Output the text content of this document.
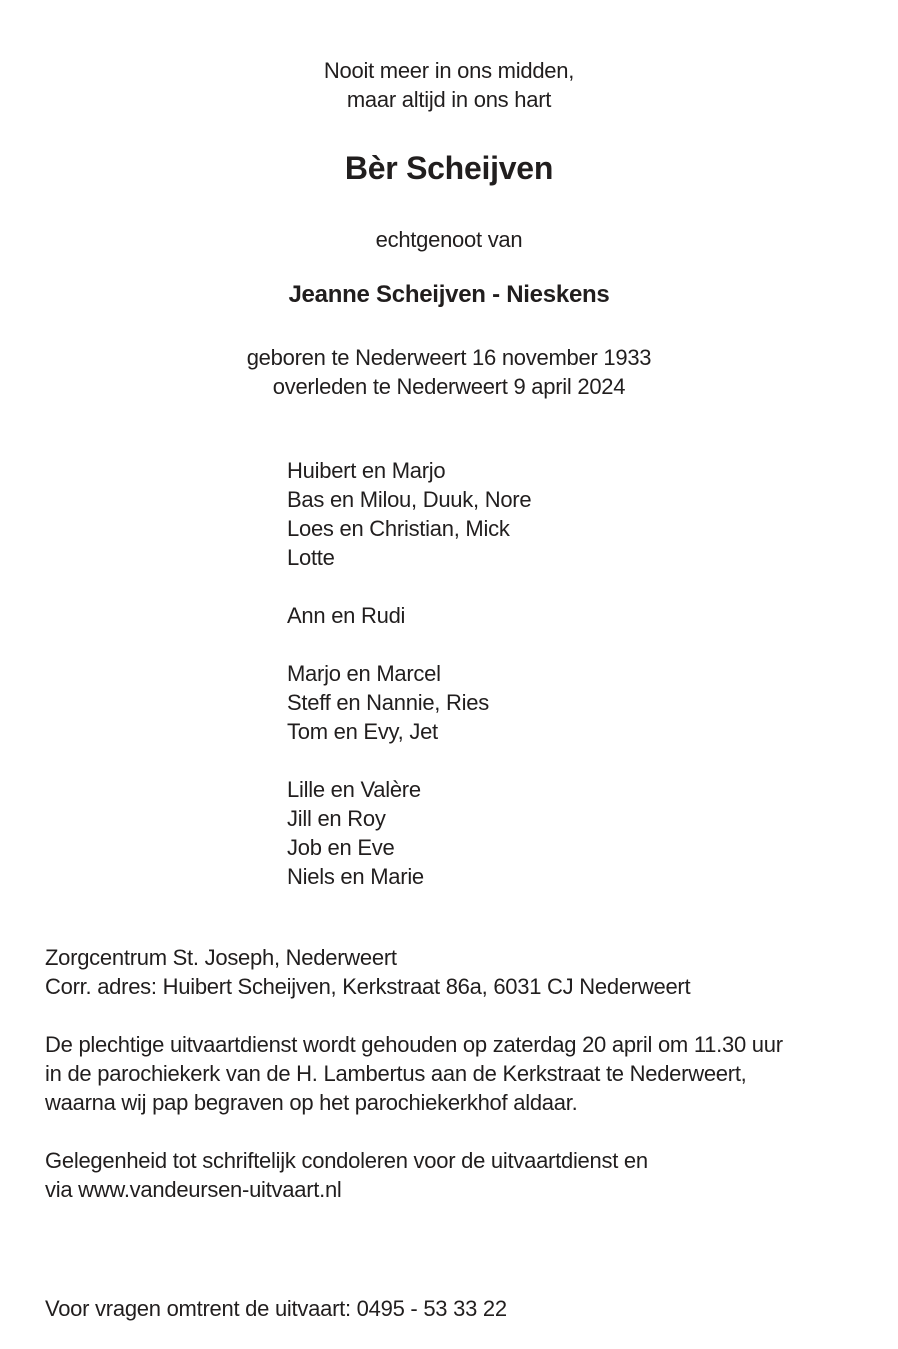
Nooit meer in ons midden,
maar altijd in ons hart
Bèr Scheijven
echtgenoot van
Jeanne Scheijven - Nieskens
geboren te Nederweert 16 november 1933
overleden te Nederweert 9 april 2024
Huibert en Marjo
Bas en Milou, Duuk, Nore
Loes en Christian, Mick
Lotte
Ann en Rudi
Marjo en Marcel
Steff en Nannie, Ries
Tom en Evy, Jet
Lille en Valère
Jill en Roy
Job en Eve
Niels en Marie
Zorgcentrum St. Joseph, Nederweert
Corr. adres: Huibert Scheijven, Kerkstraat 86a, 6031 CJ Nederweert
De plechtige uitvaartdienst wordt gehouden op zaterdag 20 april om 11.30 uur
in de parochiekerk van de H. Lambertus aan de Kerkstraat te Nederweert,
waarna wij pap begraven op het parochiekerkhof aldaar.
Gelegenheid tot schriftelijk condoleren voor de uitvaartdienst en
via www.vandeursen-uitvaart.nl
Voor vragen omtrent de uitvaart: 0495 - 53 33 22
